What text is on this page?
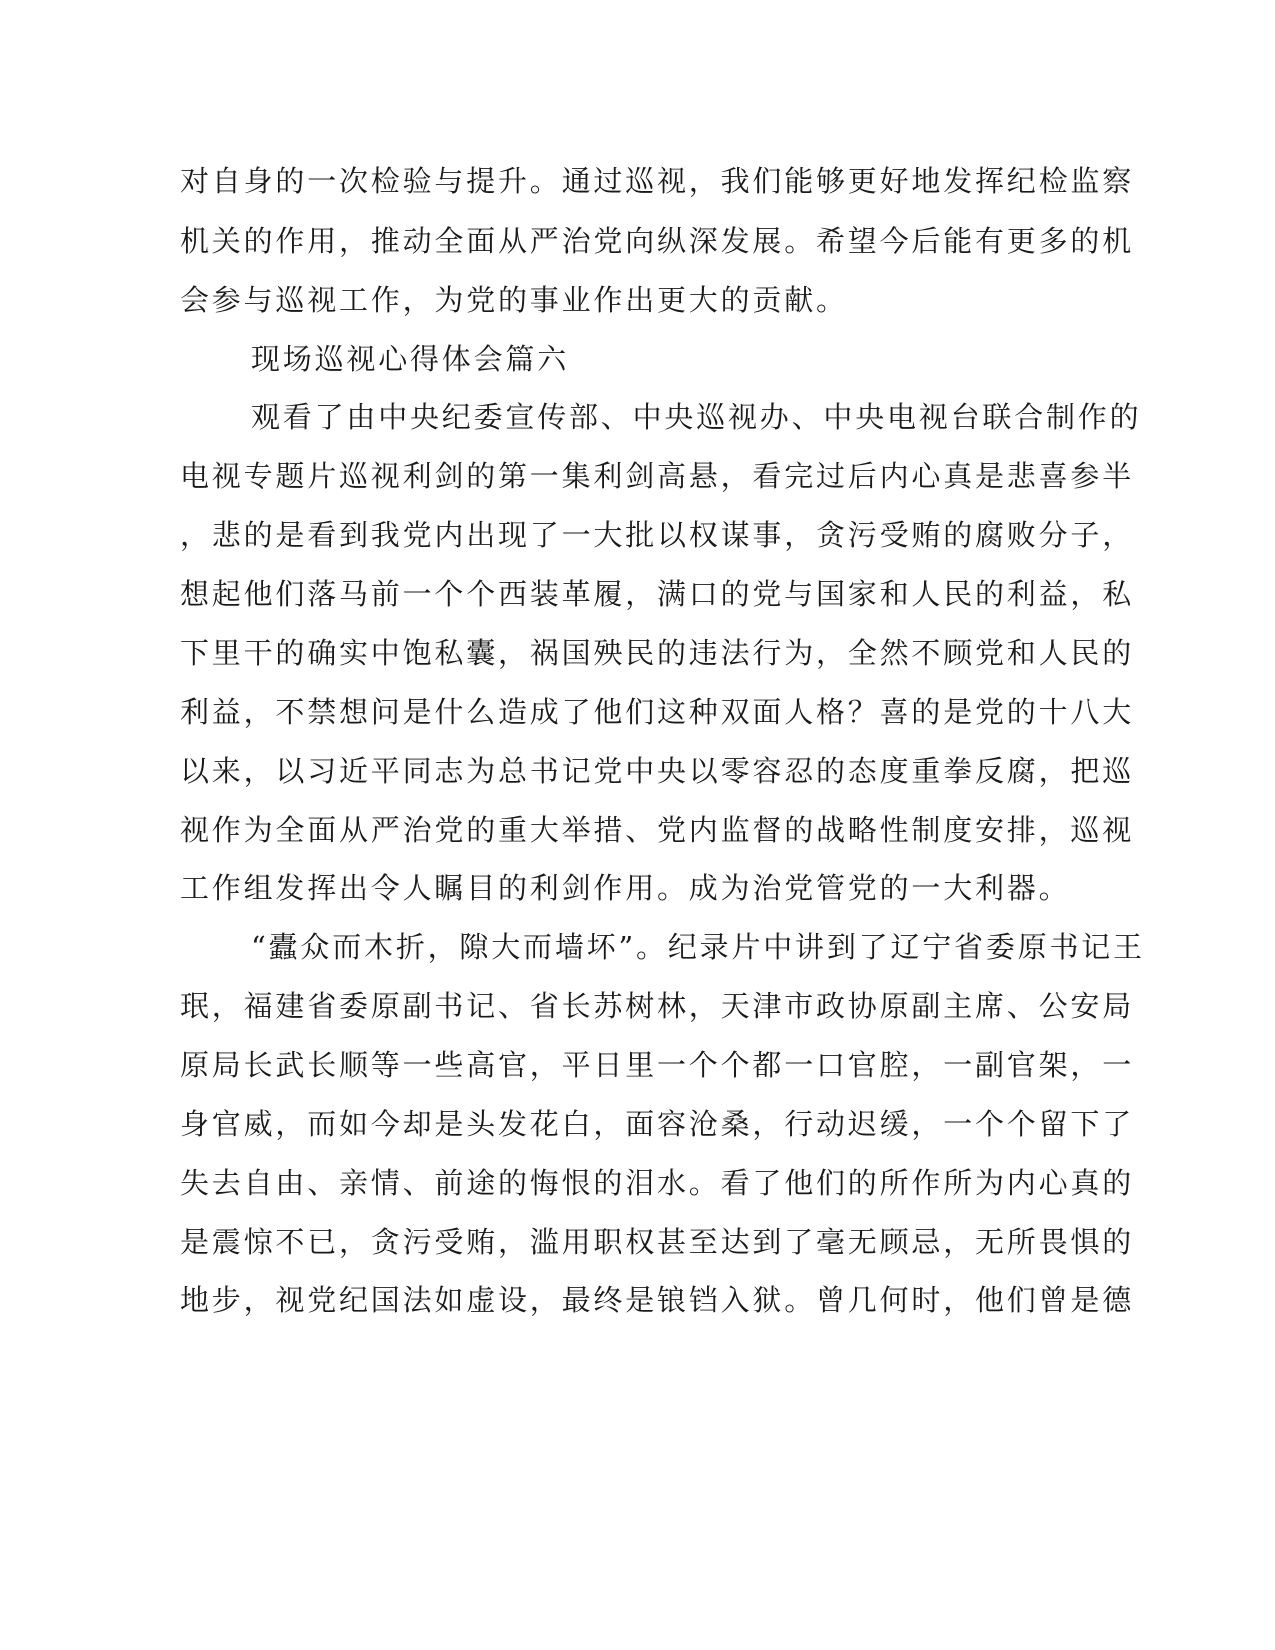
对自身的一次检验与提升。通过巡视，我们能够更好地发挥纪检监察

机关的作用，推动全面从严治党向纵深发展。希望今后能有更多的机

会参与巡视工作，为党的事业作出更大的贡献。

现场巡视心得体会篇六

观看了由中央纪委宣传部、中央巡视办、中央电视台联合制作的

电视专题片巡视利剑的第一集利剑高悬，看完过后内心真是悲喜参半

，悲的是看到我党内出现了一大批以权谋事，贪污受贿的腐败分子，

想起他们落马前一个个西装革履，满口的党与国家和人民的利益，私

下里干的确实中饱私囊，祸国殃民的违法行为，全然不顾党和人民的

利益，不禁想问是什么造成了他们这种双面人格？喜的是党的十八大

以来，以习近平同志为总书记党中央以零容忍的态度重拳反腐，把巡

视作为全面从严治党的重大举措、党内监督的战略性制度安排，巡视

工作组发挥出令人瞩目的利剑作用。成为治党管党的一大利器。

“蠹众而木折，隙大而墙坏”。纪录片中讲到了辽宁省委原书记王

珉，福建省委原副书记、省长苏树林，天津市政协原副主席、公安局

原局长武长顺等一些高官，平日里一个个都一口官腔，一副官架，一

身官威，而如今却是头发花白，面容沧桑，行动迟缓，一个个留下了

失去自由、亲情、前途的悔恨的泪水。看了他们的所作所为内心真的

是震惊不已，贪污受贿，滥用职权甚至达到了毫无顾忌，无所畏惧的

地步，视党纪国法如虚设，最终是锒铛入狱。曾几何时，他们曾是德
